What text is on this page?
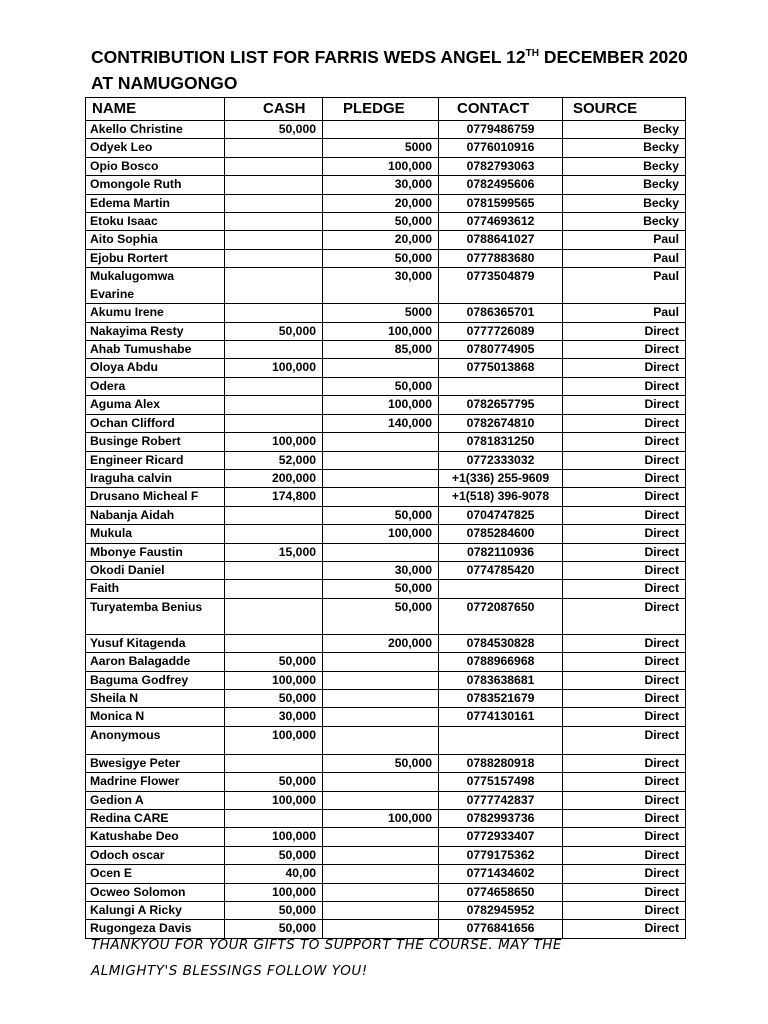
CONTRIBUTION LIST FOR FARRIS WEDS ANGEL 12TH DECEMBER 2020
AT NAMUGONGO
NAME	CASH	PLEDGE	CONTACT	SOURCE
Akello Christine	50,000		0779486759	Becky
Odyek Leo		5000	0776010916	Becky
Opio Bosco		100,000	0782793063	Becky
Omongole Ruth		30,000	0782495606	Becky
Edema Martin		20,000	0781599565	Becky
Etoku Isaac		50,000	0774693612	Becky
Aito Sophia		20,000	0788641027	Paul
Ejobu Rortert		50,000	0777883680	Paul
Mukalugomwa Evarine		30,000	0773504879	Paul
Akumu Irene		5000	0786365701	Paul
Nakayima Resty	50,000	100,000	0777726089	Direct
Ahab Tumushabe		85,000	0780774905	Direct
Oloya Abdu	100,000		0775013868	Direct
Odera		50,000		Direct
Aguma Alex		100,000	0782657795	Direct
Ochan Clifford		140,000	0782674810	Direct
Businge Robert	100,000		0781831250	Direct
Engineer Ricard	52,000		0772333032	Direct
Iraguha calvin	200,000		+1(336) 255-9609	Direct
Drusano Micheal F	174,800		+1(518) 396-9078	Direct
Nabanja Aidah		50,000	0704747825	Direct
Mukula		100,000	0785284600	Direct
Mbonye Faustin	15,000		0782110936	Direct
Okodi Daniel		30,000	0774785420	Direct
Faith		50,000		Direct
Turyatemba Benius		50,000	0772087650	Direct
Yusuf Kitagenda		200,000	0784530828	Direct
Aaron Balagadde	50,000		0788966968	Direct
Baguma Godfrey	100,000		0783638681	Direct
Sheila N	50,000		0783521679	Direct
Monica N	30,000		0774130161	Direct
Anonymous	100,000			Direct
Bwesigye Peter		50,000	0788280918	Direct
Madrine Flower	50,000		0775157498	Direct
Gedion A	100,000		0777742837	Direct
Redina CARE		100,000	0782993736	Direct
Katushabe Deo	100,000		0772933407	Direct
Odoch oscar	50,000		0779175362	Direct
Ocen E	40,00		0771434602	Direct
Ocweo Solomon	100,000		0774658650	Direct
Kalungi A Ricky	50,000		0782945952	Direct
Rugongeza Davis	50,000		0776841656	Direct
THANKYOU FOR YOUR GIFTS TO SUPPORT THE COURSE. MAY THE
ALMIGHTY'S BLESSINGS FOLLOW YOU!
